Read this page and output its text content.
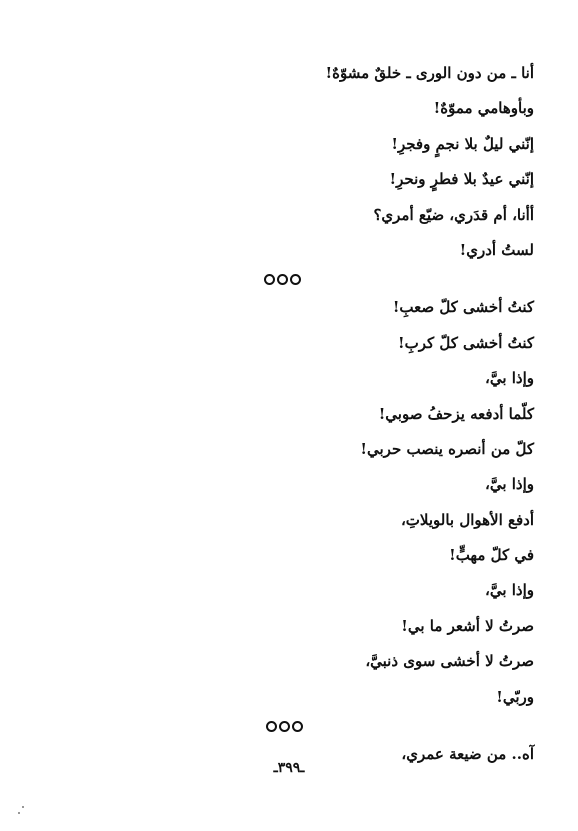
أنا ـ من دون الورى ـ خلقٌ مشوّهٌ!
وبأوهامي مموّهٌ!
إنّني ليلٌ بلا نجمٍ وفجرِ!
إنّني عيدٌ بلا فطرٍ ونحرِ!
أأنا، أم قدَري، ضيّع أمري؟
لستُ أدري!
كنتُ أخشى كلّ صعبِ!
كنتُ أخشى كلّ كربِ!
وإذا بيَّ،
كلّما أدفعه يزحفُ صوبي!
كلّ من أنصره ينصب حربي!
وإذا بيَّ،
أدفع الأهوال بالويلاتِ،
في كلّ مهبٍّ!
وإذا بيَّ،
صرتُ لا أشعر ما بي!
صرتُ لا أخشى سوى ذنبيَّ،
وربّي!
آه.. من ضيعة عمري،
ـ٣٩٩ـ
